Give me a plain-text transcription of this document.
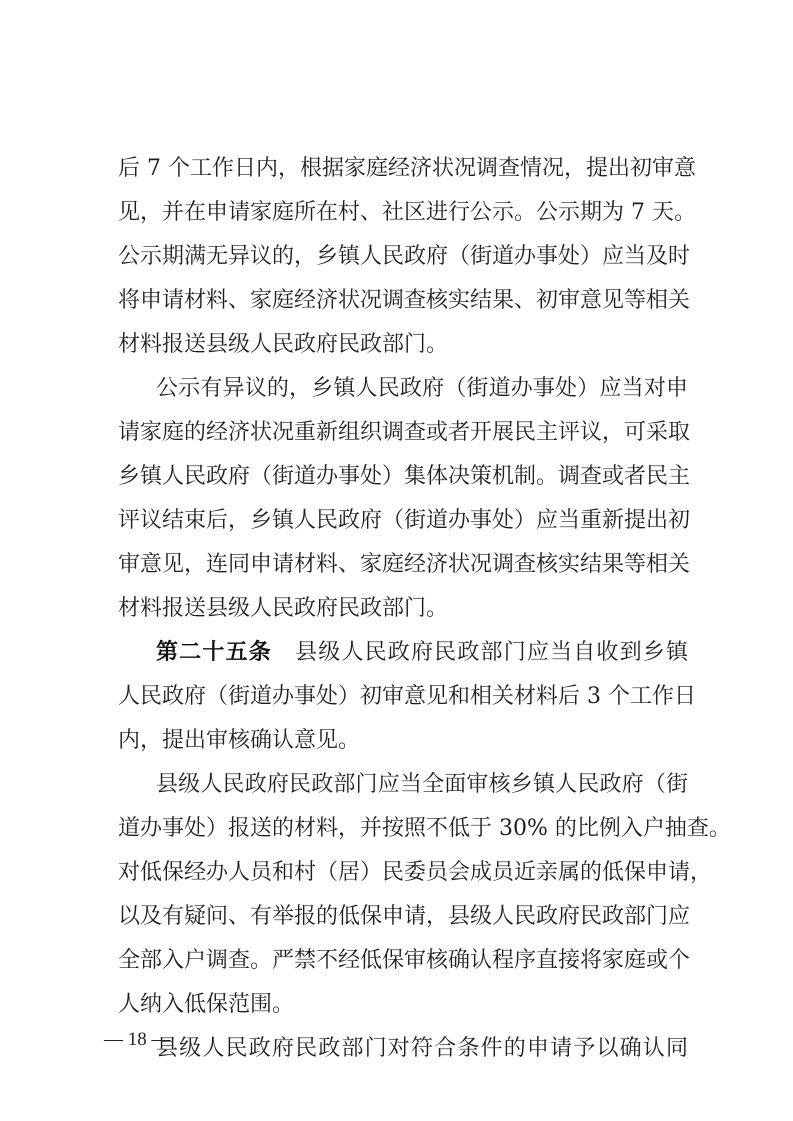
后 7 个工作日内，根据家庭经济状况调查情况，提出初审意
见，并在申请家庭所在村、社区进行公示。公示期为 7 天。
公示期满无异议的，乡镇人民政府（街道办事处）应当及时
将申请材料、家庭经济状况调查核实结果、初审意见等相关
材料报送县级人民政府民政部门。
公示有异议的，乡镇人民政府（街道办事处）应当对申
请家庭的经济状况重新组织调查或者开展民主评议，可采取
乡镇人民政府（街道办事处）集体决策机制。调查或者民主
评议结束后，乡镇人民政府（街道办事处）应当重新提出初
审意见，连同申请材料、家庭经济状况调查核实结果等相关
材料报送县级人民政府民政部门。
第二十五条 县级人民政府民政部门应当自收到乡镇
人民政府（街道办事处）初审意见和相关材料后 3 个工作日
内，提出审核确认意见。
县级人民政府民政部门应当全面审核乡镇人民政府（街
道办事处）报送的材料，并按照不低于 30% 的比例入户抽查。
对低保经办人员和村（居）民委员会成员近亲属的低保申请，
以及有疑问、有举报的低保申请，县级人民政府民政部门应
全部入户调查。严禁不经低保审核确认程序直接将家庭或个
人纳入低保范围。
县级人民政府民政部门对符合条件的申请予以确认同
— 18 —
